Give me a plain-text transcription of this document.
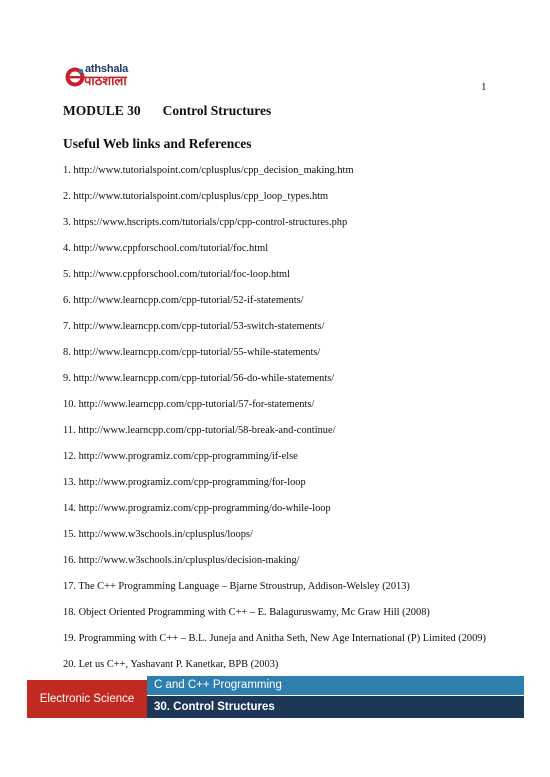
athshala
पाठशाला	1
MODULE 30 Control Structures
Useful Web links and References
1. http://www.tutorialspoint.com/cplusplus/cpp_decision_making.htm
2. http://www.tutorialspoint.com/cplusplus/cpp_loop_types.htm
3. https://www.hscripts.com/tutorials/cpp/cpp-control-structures.php
4. http://www.cppforschool.com/tutorial/foc.html
5. http://www.cppforschool.com/tutorial/foc-loop.html
6. http://www.learncpp.com/cpp-tutorial/52-if-statements/
7. http://www.learncpp.com/cpp-tutorial/53-switch-statements/
8. http://www.learncpp.com/cpp-tutorial/55-while-statements/
9. http://www.learncpp.com/cpp-tutorial/56-do-while-statements/
10. http://www.learncpp.com/cpp-tutorial/57-for-statements/
11. http://www.learncpp.com/cpp-tutorial/58-break-and-continue/
12. http://www.programiz.com/cpp-programming/if-else
13. http://www.programiz.com/cpp-programming/for-loop
14. http://www.programiz.com/cpp-programming/do-while-loop
15. http://www.w3schools.in/cplusplus/loops/
16. http://www.w3schools.in/cplusplus/decision-making/
17. The C++ Programming Language – Bjarne Stroustrup, Addison-Welsley (2013)
18. Object Oriented Programming with C++ – E. Balaguruswamy, Mc Graw Hill (2008)
19. Programming with C++ – B.L. Juneja and Anitha Seth, New Age International (P) Limited (2009)
20. Let us C++, Yashavant P. Kanetkar, BPB (2003)
Electronic Science
C and C++ Programming
30. Control Structures
